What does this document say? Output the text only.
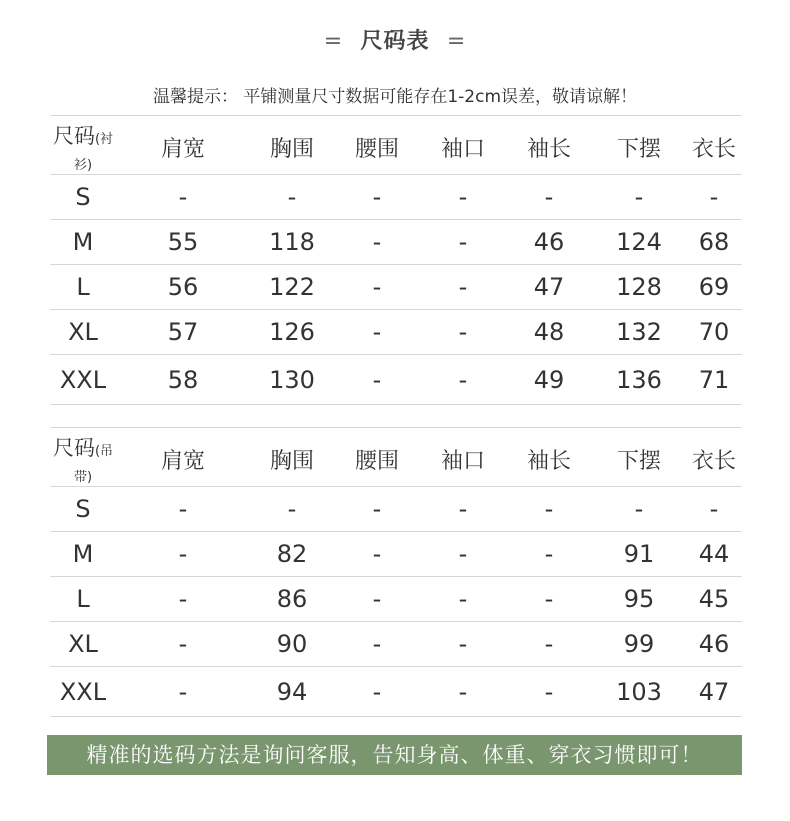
= 尺码表 =
温馨提示： 平铺测量尺寸数据可能存在1-2cm误差，敬请谅解！
尺码(衬衫)	肩宽	胸围	腰围	袖口	袖长	下摆	衣长
S	-	-	-	-	-	-	-
M	55	118	-	-	46	124	68
L	56	122	-	-	47	128	69
XL	57	126	-	-	48	132	70
XXL	58	130	-	-	49	136	71
尺码(吊带)	肩宽	胸围	腰围	袖口	袖长	下摆	衣长
S	-	-	-	-	-	-	-
M	-	82	-	-	-	91	44
L	-	86	-	-	-	95	45
XL	-	90	-	-	-	99	46
XXL	-	94	-	-	-	103	47
精准的选码方法是询问客服，告知身高、体重、穿衣习惯即可！
